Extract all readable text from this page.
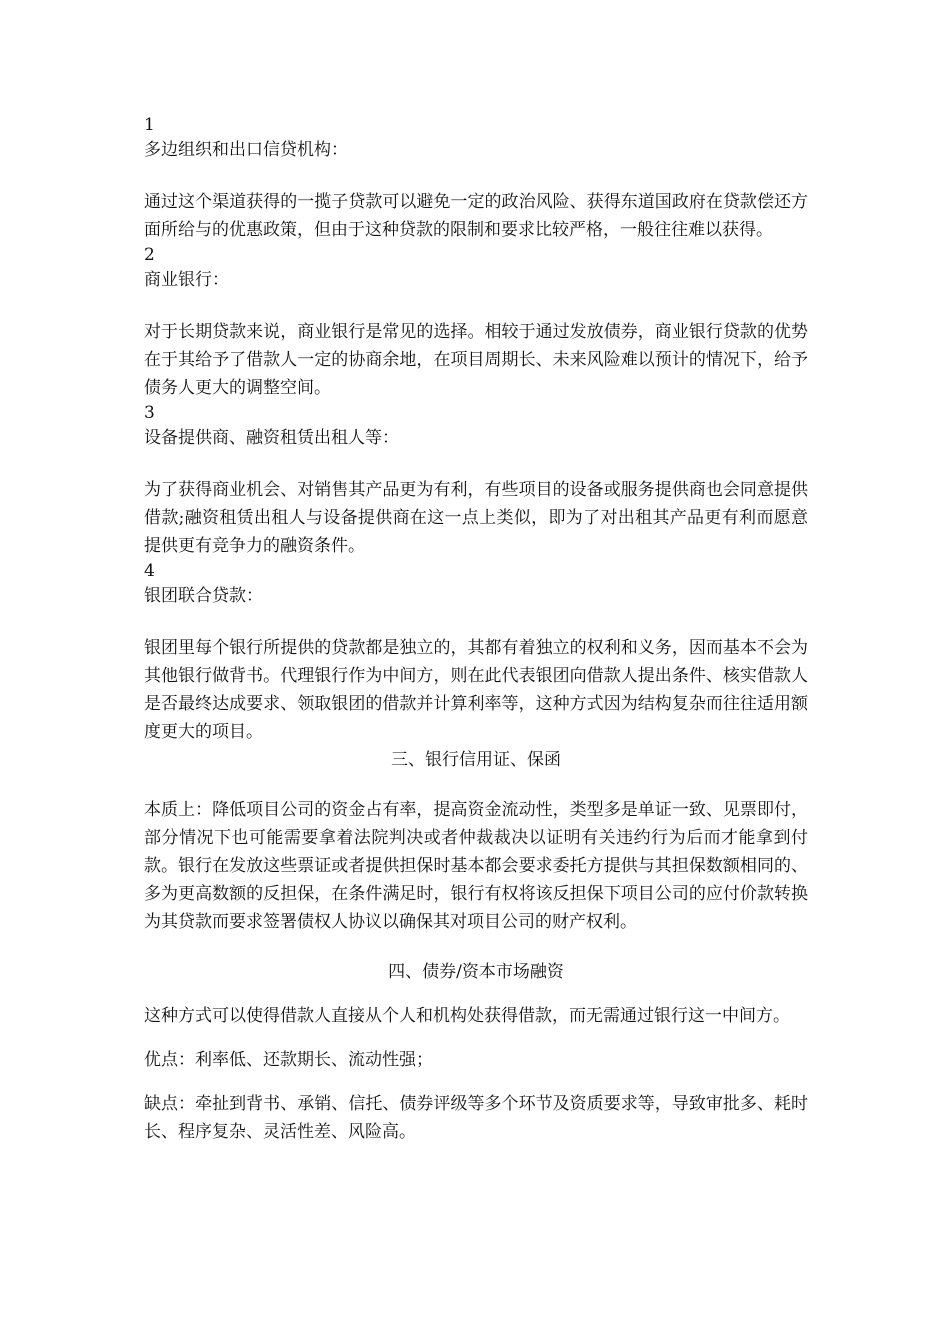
1

多边组织和出口信贷机构：

通过这个渠道获得的一揽子贷款可以避免一定的政治风险、获得东道国政府在贷款偿还方面所给与的优惠政策，但由于这种贷款的限制和要求比较严格，一般往往难以获得。

2

商业银行：

对于长期贷款来说，商业银行是常见的选择。相较于通过发放债券，商业银行贷款的优势在于其给予了借款人一定的协商余地，在项目周期长、未来风险难以预计的情况下，给予债务人更大的调整空间。

3

设备提供商、融资租赁出租人等：

为了获得商业机会、对销售其产品更为有利，有些项目的设备或服务提供商也会同意提供借款;融资租赁出租人与设备提供商在这一点上类似，即为了对出租其产品更有利而愿意提供更有竞争力的融资条件。

4

银团联合贷款：

银团里每个银行所提供的贷款都是独立的，其都有着独立的权利和义务，因而基本不会为其他银行做背书。代理银行作为中间方，则在此代表银团向借款人提出条件、核实借款人是否最终达成要求、领取银团的借款并计算利率等，这种方式因为结构复杂而往往适用额度更大的项目。

三、银行信用证、保函

本质上：降低项目公司的资金占有率，提高资金流动性，类型多是单证一致、见票即付，部分情况下也可能需要拿着法院判决或者仲裁裁决以证明有关违约行为后而才能拿到付款。银行在发放这些票证或者提供担保时基本都会要求委托方提供与其担保数额相同的、多为更高数额的反担保，在条件满足时，银行有权将该反担保下项目公司的应付价款转换为其贷款而要求签署债权人协议以确保其对项目公司的财产权利。

四、债券/资本市场融资

这种方式可以使得借款人直接从个人和机构处获得借款，而无需通过银行这一中间方。

优点：利率低、还款期长、流动性强；

缺点：牵扯到背书、承销、信托、债券评级等多个环节及资质要求等，导致审批多、耗时长、程序复杂、灵活性差、风险高。
